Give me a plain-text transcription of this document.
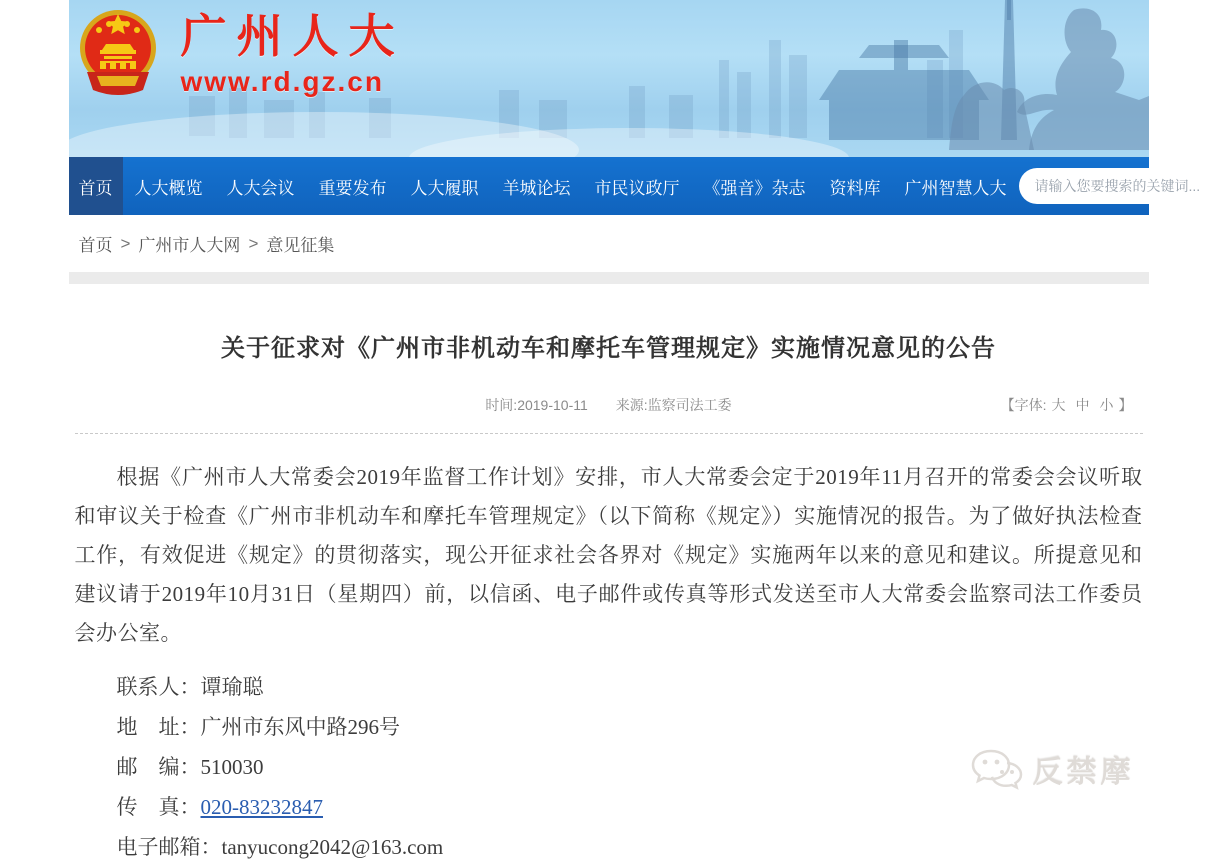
广州人大
www.rd.gz.cn
首页	人大概览	人大会议	重要发布	人大履职	羊城论坛	市民议政厅	《强音》杂志	资料库	广州智慧人大
请输入您要搜索的关键词...
首页 > 广州市人大网 > 意见征集
关于征求对《广州市非机动车和摩托车管理规定》实施情况意见的公告
时间:2019-10-11 来源:监察司法工委	【字体: 大 中 小 】

根据《广州市人大常委会2019年监督工作计划》安排，市人大常委会定于2019年11月召开的常委会会议听取和审议关于检查《广州市非机动车和摩托车管理规定》（以下简称《规定》）实施情况的报告。为了做好执法检查工作，有效促进《规定》的贯彻落实，现公开征求社会各界对《规定》实施两年以来的意见和建议。所提意见和建议请于2019年10月31日（星期四）前，以信函、电子邮件或传真等形式发送至市人大常委会监察司法工作委员会办公室。

联系人：谭瑜聪
地　址：广州市东风中路296号
邮　编：510030
传　真：020-83232847
电子邮箱：tanyucong2042@163.com
反禁摩
